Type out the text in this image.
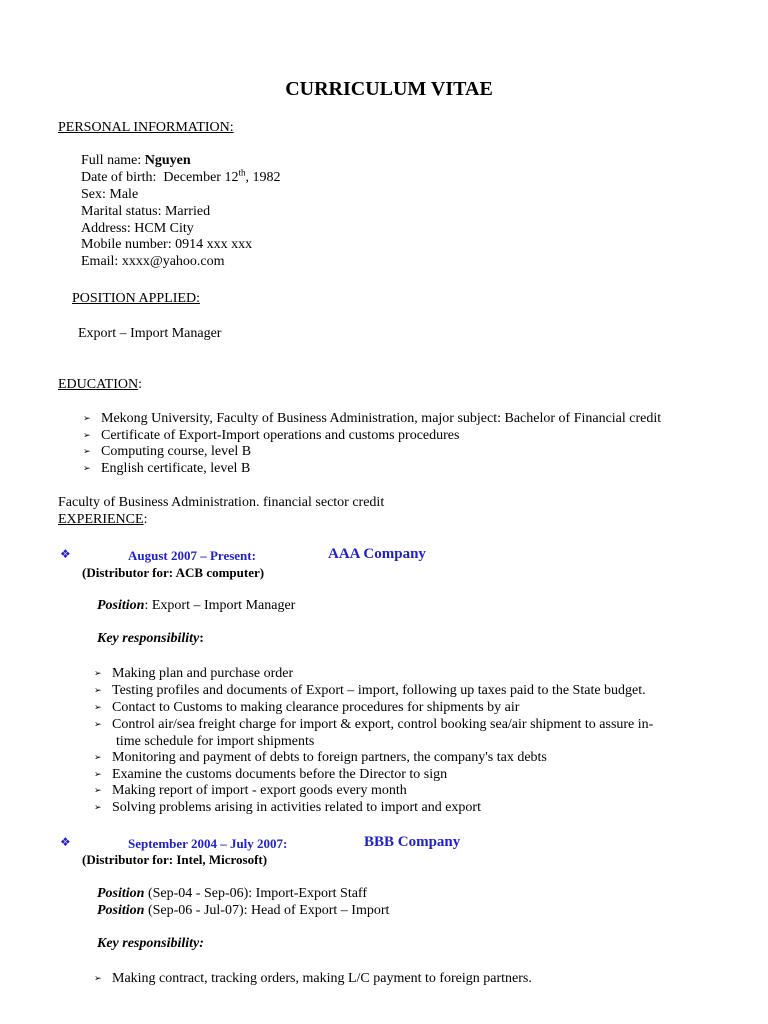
CURRICULUM VITAE
PERSONAL INFORMATION:
Full name: Nguyen
Date of birth: December 12th, 1982
Sex: Male
Marital status: Married
Address: HCM City
Mobile number: 0914 xxx xxx
Email: xxxx@yahoo.com
POSITION APPLIED:
Export – Import Manager
EDUCATION:
➢ Mekong University, Faculty of Business Administration, major subject: Bachelor of Financial credit
➢ Certificate of Export-Import operations and customs procedures
➢ Computing course, level B
➢ English certificate, level B
Faculty of Business Administration. financial sector credit
EXPERIENCE:
❖	August 2007 – Present:	AAA Company
(Distributor for: ACB computer)
Position: Export – Import Manager
Key responsibility:
➢ Making plan and purchase order
➢ Testing profiles and documents of Export – import, following up taxes paid to the State budget.
➢ Contact to Customs to making clearance procedures for shipments by air
➢ Control air/sea freight charge for import & export, control booking sea/air shipment to assure in-
time schedule for import shipments
➢ Monitoring and payment of debts to foreign partners, the company's tax debts
➢ Examine the customs documents before the Director to sign
➢ Making report of import - export goods every month
➢ Solving problems arising in activities related to import and export
❖	September 2004 – July 2007:	BBB Company
(Distributor for: Intel, Microsoft)
Position (Sep-04 - Sep-06): Import-Export Staff
Position (Sep-06 - Jul-07): Head of Export – Import
Key responsibility:
➢ Making contract, tracking orders, making L/C payment to foreign partners.
